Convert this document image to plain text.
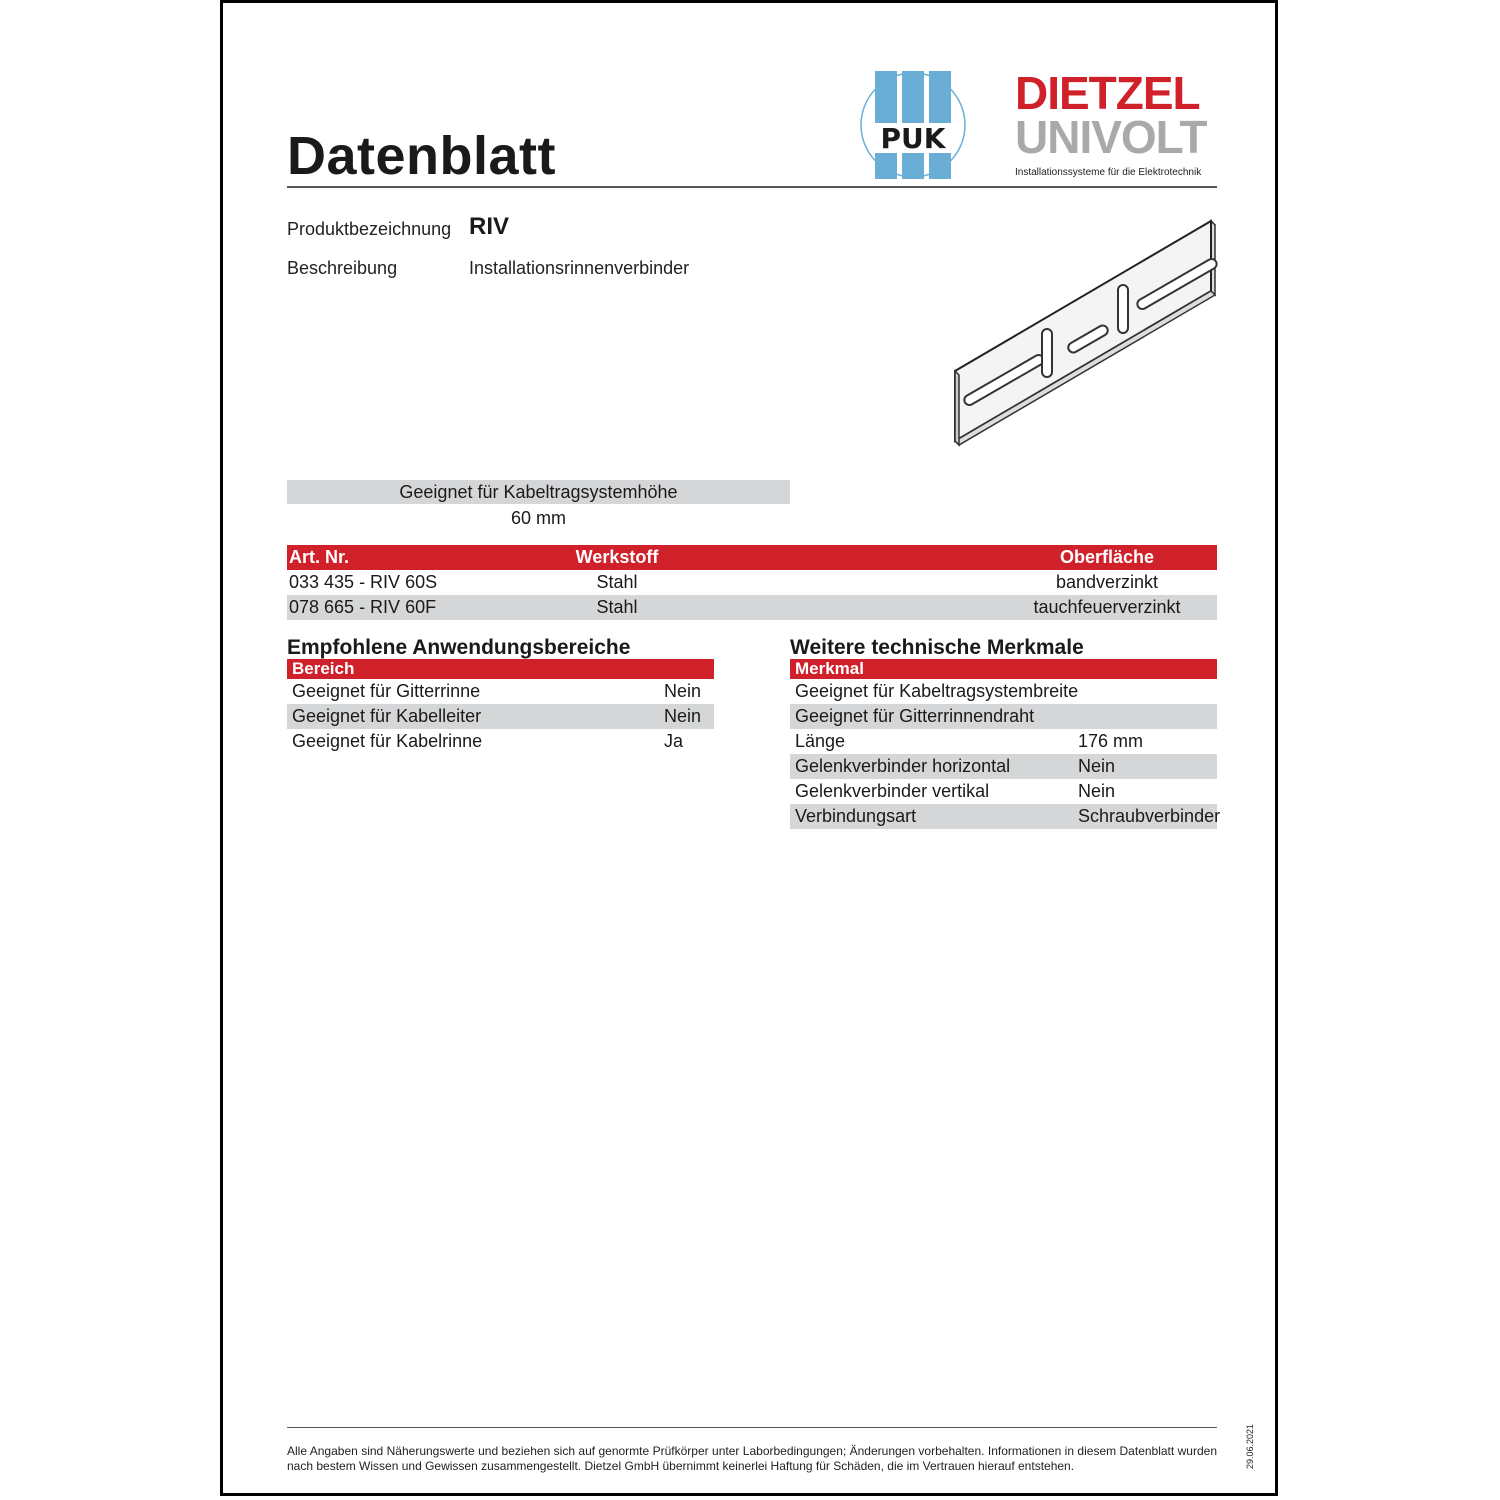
Datenblatt	PUK
DIETZEL
UNIVOLT
Installationssysteme für die Elektrotechnik
Produktbezeichnung RIV
Beschreibung	Installationsrinnenverbinder
Geeignet für Kabeltragsystemhöhe
60 mm
Art. Nr.	Werkstoff	Oberfläche
033 435 - RIV 60S	Stahl	bandverzinkt
078 665 - RIV 60F	Stahl	tauchfeuerverzinkt
Empfohlene Anwendungsbereiche
Bereich
Geeignet für Gitterrinne	Nein
Geeignet für Kabelleiter	Nein
Geeignet für Kabelrinne	Ja
Weitere technische Merkmale
Merkmal
Geeignet für Kabeltragsystembreite
Geeignet für Gitterrinnendraht
Länge	176 mm
Gelenkverbinder horizontal	Nein
Gelenkverbinder vertikal	Nein
Verbindungsart	Schraubverbinder
Alle Angaben sind Näherungswerte und beziehen sich auf genormte Prüfkörper unter Laborbedingungen; Änderungen vorbehalten. Informationen in diesem Datenblatt wurden nach bestem Wissen und Gewissen zusammengestellt. Dietzel GmbH übernimmt keinerlei Haftung für Schäden, die im Vertrauen hierauf entstehen.	29.06.2021
